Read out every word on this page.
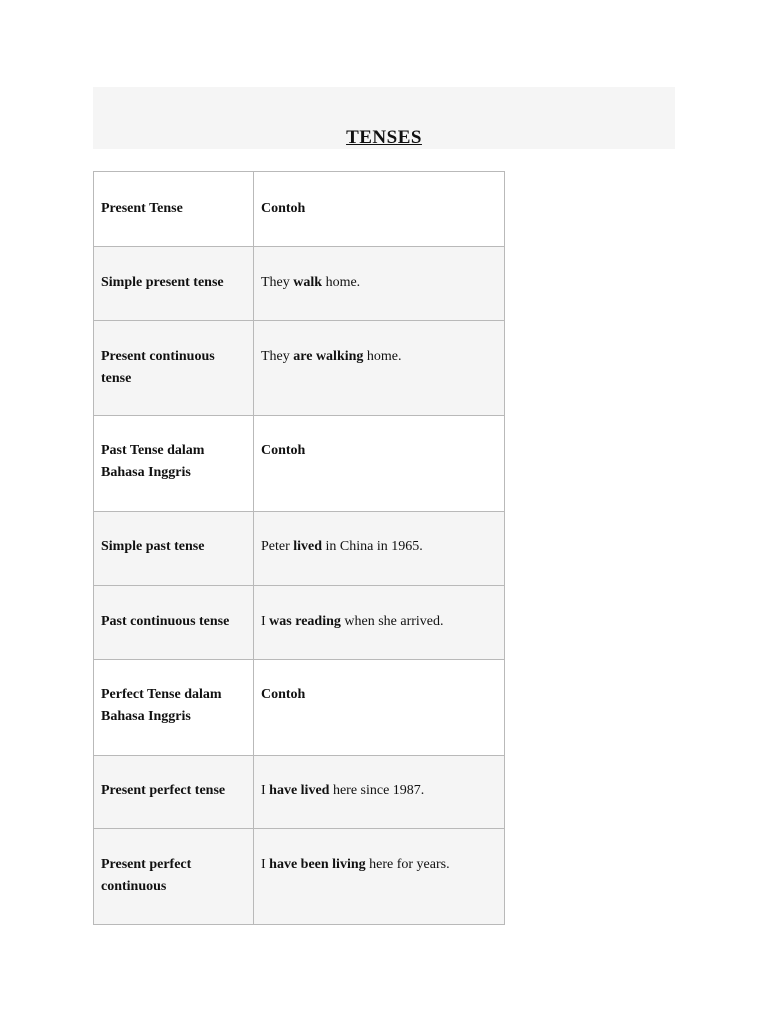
TENSES
Present Tense	Contoh

Simple present tense	They walk home.

Present continuous tense	They are walking home.

Past Tense dalam Bahasa Inggris	Contoh

Simple past tense	Peter lived in China in 1965.

Past continuous tense	I was reading when she arrived.

Perfect Tense dalam Bahasa Inggris	Contoh

Present perfect tense	I have lived here since 1987.

Present perfect continuous	I have been living here for years.
